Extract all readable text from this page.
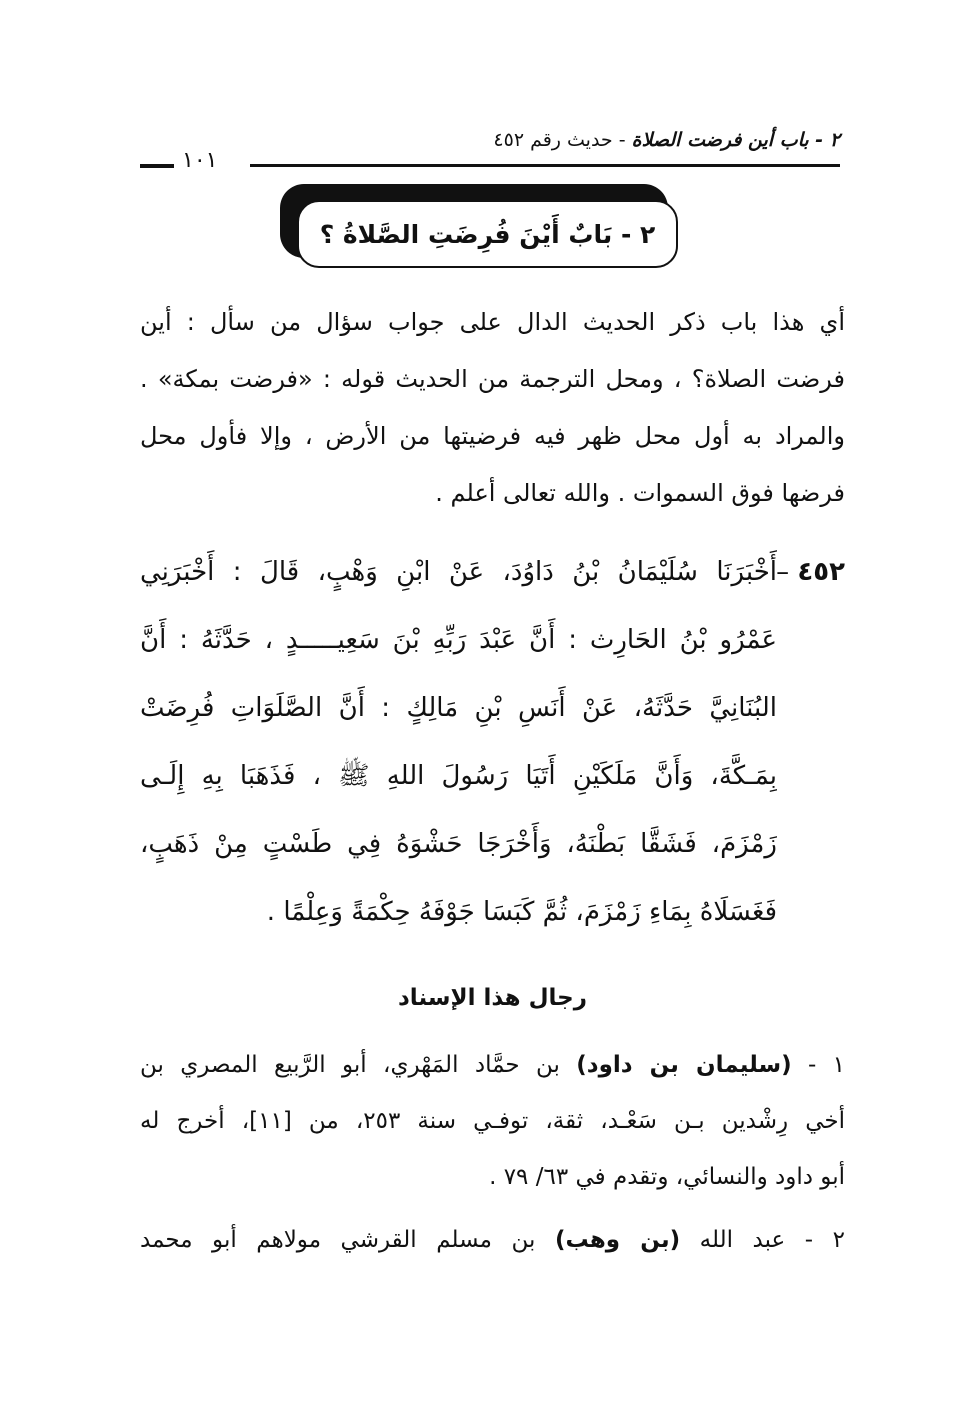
٢ - باب أين فرضت الصلاة - حديث رقم ٤٥٢
١٠١
٢ - بَابٌ أَيْنَ فُرِضَتِ الصَّلاةُ ؟
أي هذا باب ذكر الحديث الدال على جواب سؤال من سأل : أين
فرضت الصلاة؟ ، ومحل الترجمة من الحديث قوله : «فرضت بمكة» .
والمراد به أول محل ظهر فيه فرضيتها من الأرض ، وإلا فأول محل
فرضها فوق السموات . والله تعالى أعلم .
٤٥٢ –
أَخْبَرَنَا سُلَيْمَانُ بْنُ دَاوُدَ، عَنْ ابْنِ وَهْبٍ، قَالَ : أَخْبَرَنِي
عَمْرُو بْنُ الحَارِث : أَنَّ عَبْدَ رَبِّهِ بْنَ سَعِيـــــدٍ ، حَدَّثَهُ : أَنَّ
البُنَانِيَّ حَدَّثَهُ، عَنْ أَنَسِ بْنِ مَالِكٍ : أَنَّ الصَّلَوَاتِ فُرِضَتْ
بِمَـكَّةَ، وَأَنَّ مَلَكَيْنِ أَتَيَا رَسُولَ اللهِ ﷺ ، فَذَهَبَا بِهِ إِلَـى
زَمْزَمَ، فَشَقَّا بَطْنَهُ، وَأَخْرَجَا حَشْوَهُ فِي طَسْتٍ مِنْ ذَهَبٍ،
فَغَسَلَاهُ بِمَاءِ زَمْزَمَ، ثُمَّ كَبَسَا جَوْفَهُ حِكْمَةً وَعِلْمًا .
رجال هذا الإسناد
١ - (سليمان بن داود) بن حمَّاد المَهْري، أبو الرَّبيع المصري بن
أخي رِشْدين بـن سَعْـد، ثقة، توفـي سنة ٢٥٣، من [١١]، أخرج له
أبو داود والنسائي، وتقدم في ٦٣/ ٧٩ .
٢ - عبد الله (بن وهب) بن مسلم القرشي مولاهم أبو محمد
